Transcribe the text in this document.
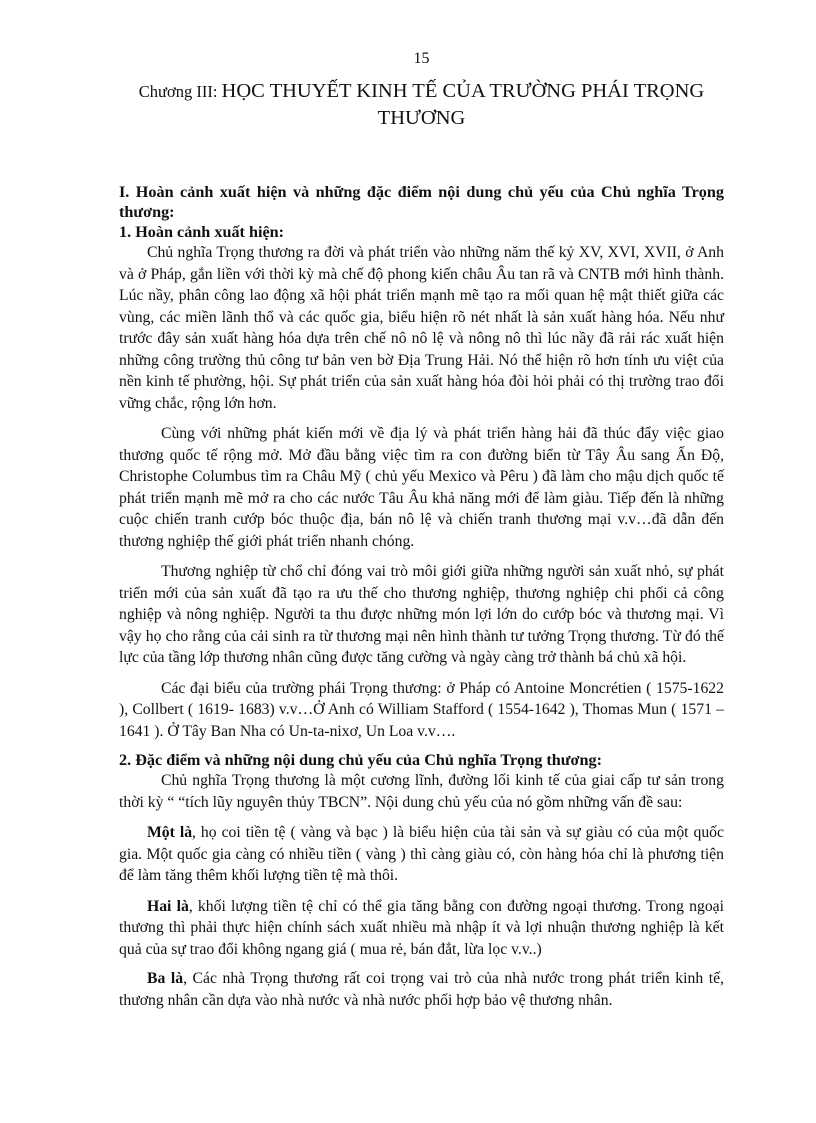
15
Chương III: HỌC THUYẾT KINH TẾ CỦA TRƯỜNG PHÁI TRỌNG THƯƠNG
I. Hoàn cảnh xuất hiện và những đặc điểm nội dung chủ yếu của Chủ nghĩa Trọng thương:
1. Hoàn cảnh xuất hiện:

Chủ nghĩa Trọng thương ra đời và phát triển vào những năm thế kỷ XV, XVI, XVII, ở Anh và ở Pháp, gắn liền với thời kỳ mà chế độ phong kiến châu Âu tan rã và CNTB mới hình thành. Lúc nầy, phân công lao động xã hội phát triển mạnh mẽ tạo ra mối quan hệ mật thiết giữa các vùng, các miền lãnh thổ và các quốc gia, biểu hiện rõ nét nhất là sản xuất hàng hóa. Nếu như trước đây sản xuất hàng hóa dựa trên chế nô nô lệ và nông nô thì lúc nầy đã rải rác xuất hiện những công trường thủ công tư bản ven bờ Địa Trung Hải. Nó thể hiện rõ hơn tính ưu việt của nền kinh tế phường, hội. Sự phát triển của sản xuất hàng hóa đòi hỏi phải có thị trường trao đổi vững chắc, rộng lớn hơn.

Cùng với những phát kiến mới về địa lý và phát triển hàng hải đã thúc đẩy việc giao thương quốc tế rộng mở. Mở đầu bằng việc tìm ra con đường biển từ Tây Âu sang Ấn Độ, Christophe Columbus tìm ra Châu Mỹ ( chủ yếu Mexico và Pêru ) đã làm cho mậu dịch quốc tế phát triển mạnh mẽ mở ra cho các nước Tâu Âu khả năng mới để làm giàu. Tiếp đến là những cuộc chiến tranh cướp bóc thuộc địa, bán nô lệ và chiến tranh thương mại v.v…đã dẫn đến thương nghiệp thế giới phát triển nhanh chóng.

Thương nghiệp từ chổ chỉ đóng vai trò môi giới giữa những người sản xuất nhỏ, sự phát triển mới của sản xuất đã tạo ra ưu thế cho thương nghiệp, thương nghiệp chi phối cả công nghiệp và nông nghiệp. Người ta thu được những món lợi lớn do cướp bóc và thương mại. Vì vậy họ cho rằng của cải sinh ra từ thương mại nên hình thành tư tưởng Trọng thương. Từ đó thế lực của tầng lớp thương nhân cũng được tăng cường và ngày càng trở thành bá chủ xã hội.

Các đại biểu của trường phái Trọng thương: ở Pháp có Antoine Moncrétien ( 1575-1622 ), Collbert ( 1619- 1683) v.v…Ở Anh có William Stafford ( 1554-1642 ), Thomas Mun ( 1571 – 1641 ). Ở Tây Ban Nha có Un-ta-nixơ, Un Loa v.v….

2. Đặc điểm và những nội dung chủ yếu của Chủ nghĩa Trọng thương:

Chủ nghĩa Trọng thương là một cương lĩnh, đường lối kinh tế của giai cấp tư sản trong thời kỳ “ “tích lũy nguyên thủy TBCN”. Nội dung chủ yếu của nó gồm những vấn đề sau:

Một là, họ coi tiền tệ ( vàng và bạc ) là biểu hiện của tài sản và sự giàu có của một quốc gia. Một quốc gia càng có nhiều tiền ( vàng ) thì càng giàu có, còn hàng hóa chỉ là phương tiện để làm tăng thêm khối lượng tiền tệ mà thôi.

Hai là, khối lượng tiền tệ chỉ có thể gia tăng bằng con đường ngoại thương. Trong ngoại thương thì phải thực hiện chính sách xuất nhiều mà nhập ít và lợi nhuận thương nghiệp là kết quả của sự trao đổi không ngang giá ( mua rẻ, bán đắt, lừa lọc v.v..)

Ba là, Các nhà Trọng thương rất coi trọng vai trò của nhà nước trong phát triển kinh tế, thương nhân cần dựa vào nhà nước và nhà nước phối hợp bảo vệ thương nhân.
